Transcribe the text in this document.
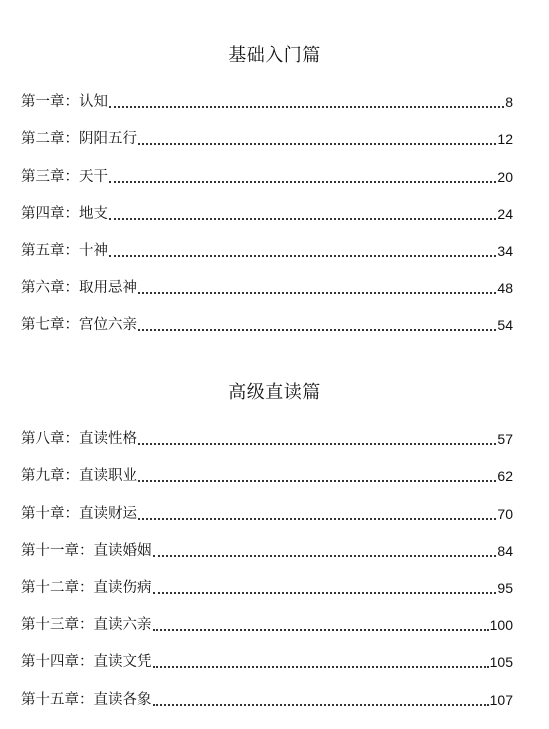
基础入门篇
第一章：认知	8
第二章：阴阳五行	12
第三章：天干	20
第四章：地支	24
第五章：十神	34
第六章：取用忌神	48
第七章：宫位六亲	54
高级直读篇
第八章：直读性格	57
第九章：直读职业	62
第十章：直读财运	70
第十一章：直读婚姻	84
第十二章：直读伤病	95
第十三章：直读六亲	100
第十四章：直读文凭	105
第十五章：直读各象	107
